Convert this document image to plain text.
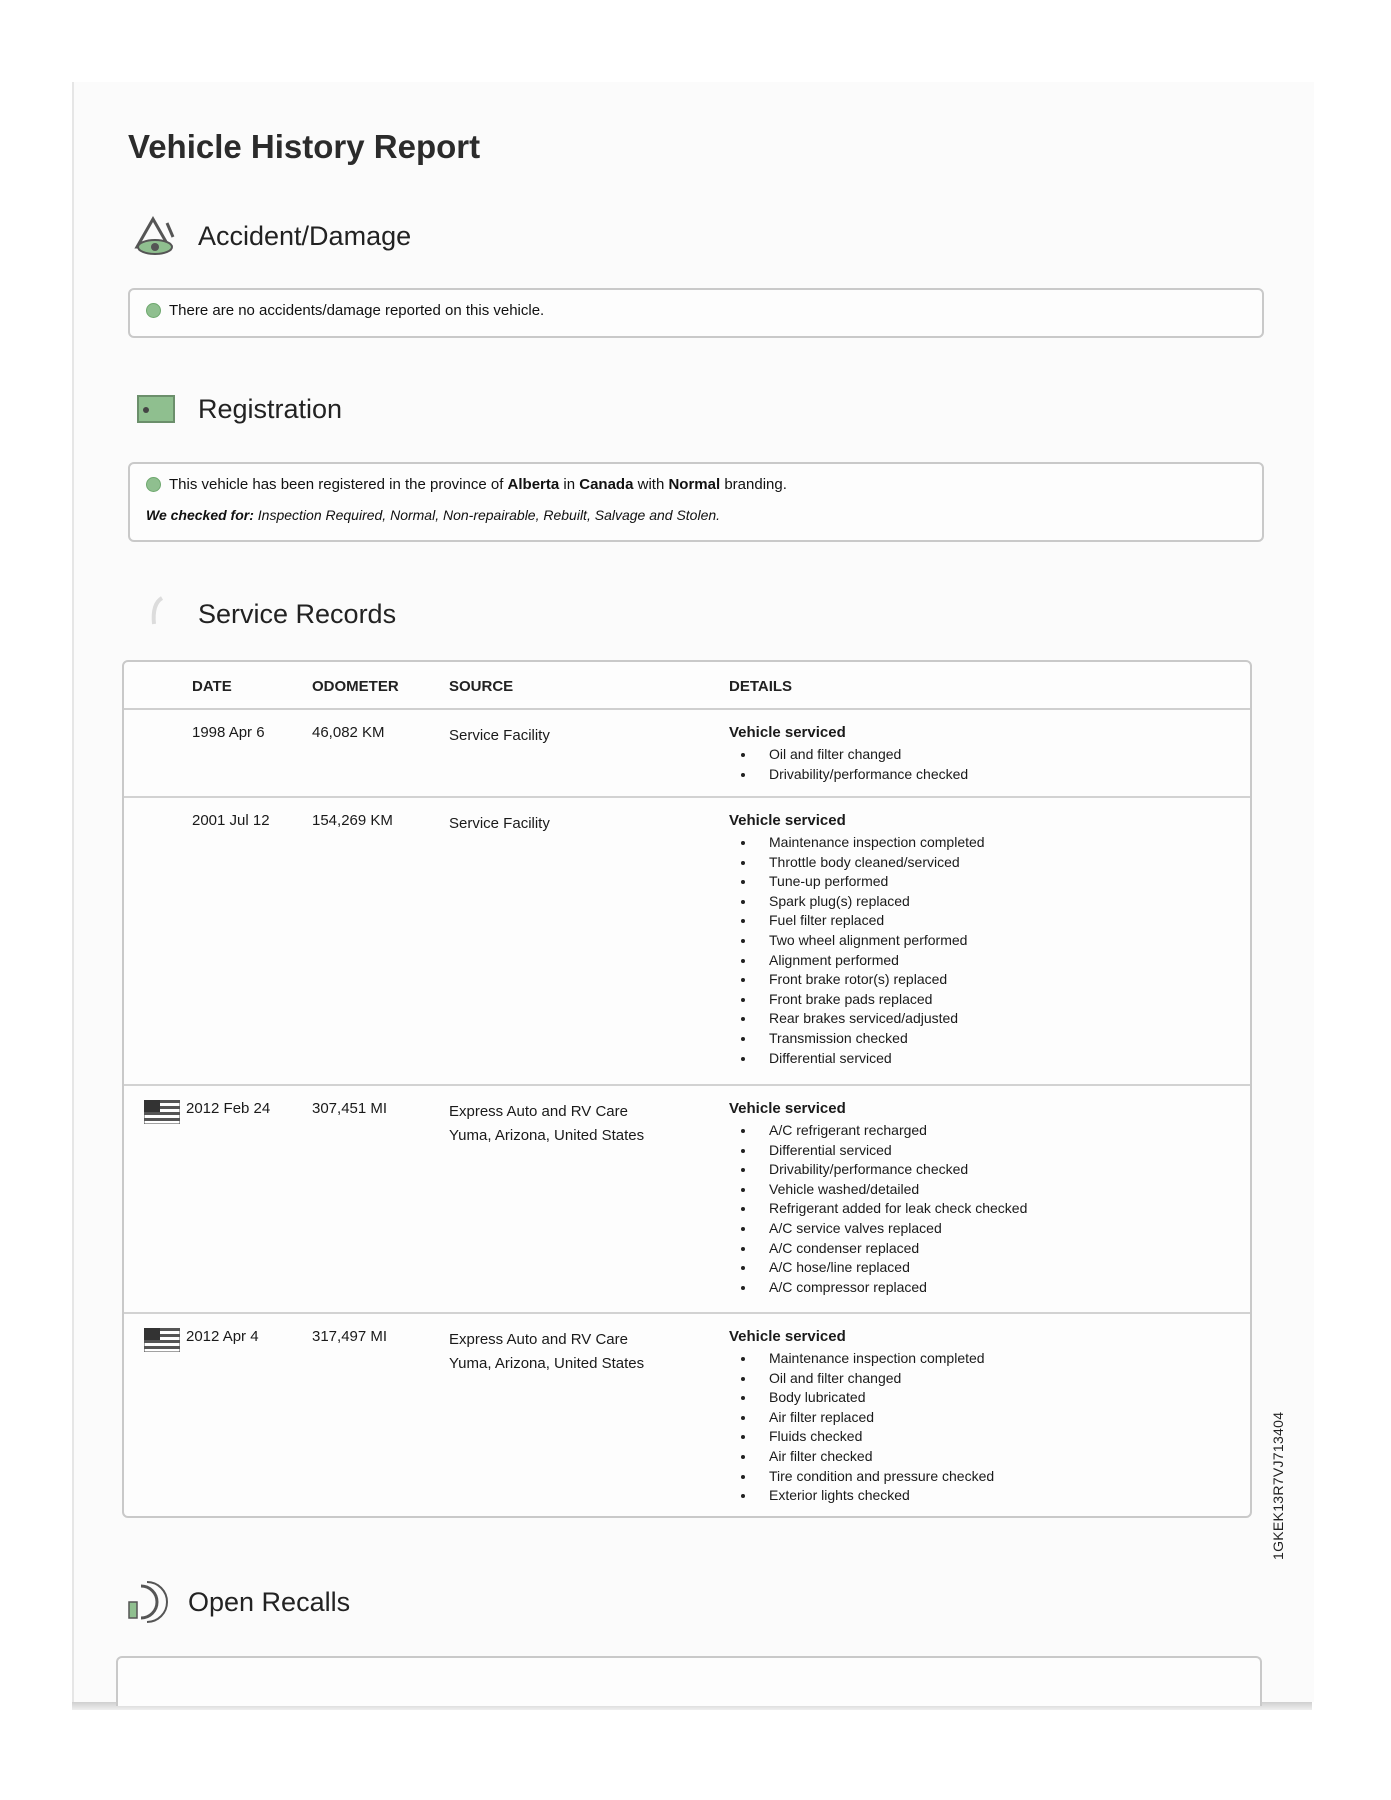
Vehicle History Report
Accident/Damage
There are no accidents/damage reported on this vehicle.
Registration
This vehicle has been registered in the province of Alberta in Canada with Normal branding.
We checked for: Inspection Required, Normal, Non-repairable, Rebuilt, Salvage and Stolen.
Service Records
DATE	ODOMETER	SOURCE	DETAILS
1998 Apr 6	46,082 KM	Service Facility	Vehicle serviced
Oil and filter changed
Drivability/performance checked
2001 Jul 12	154,269 KM	Service Facility	Vehicle serviced
Maintenance inspection completed
Throttle body cleaned/serviced
Tune-up performed
Spark plug(s) replaced
Fuel filter replaced
Two wheel alignment performed
Alignment performed
Front brake rotor(s) replaced
Front brake pads replaced
Rear brakes serviced/adjusted
Transmission checked
Differential serviced
2012 Feb 24	307,451 MI	Express Auto and RV Care
Yuma, Arizona, United States
Vehicle serviced
A/C refrigerant recharged
Differential serviced
Drivability/performance checked
Vehicle washed/detailed
Refrigerant added for leak check checked
A/C service valves replaced
A/C condenser replaced
A/C hose/line replaced
A/C compressor replaced
2012 Apr 4	317,497 MI	Express Auto and RV Care
Yuma, Arizona, United States
Vehicle serviced
Maintenance inspection completed
Oil and filter changed
Body lubricated
Air filter replaced
Fluids checked
Air filter checked
Tire condition and pressure checked
Exterior lights checked
Open Recalls
1GKEK13R7VJ713404
